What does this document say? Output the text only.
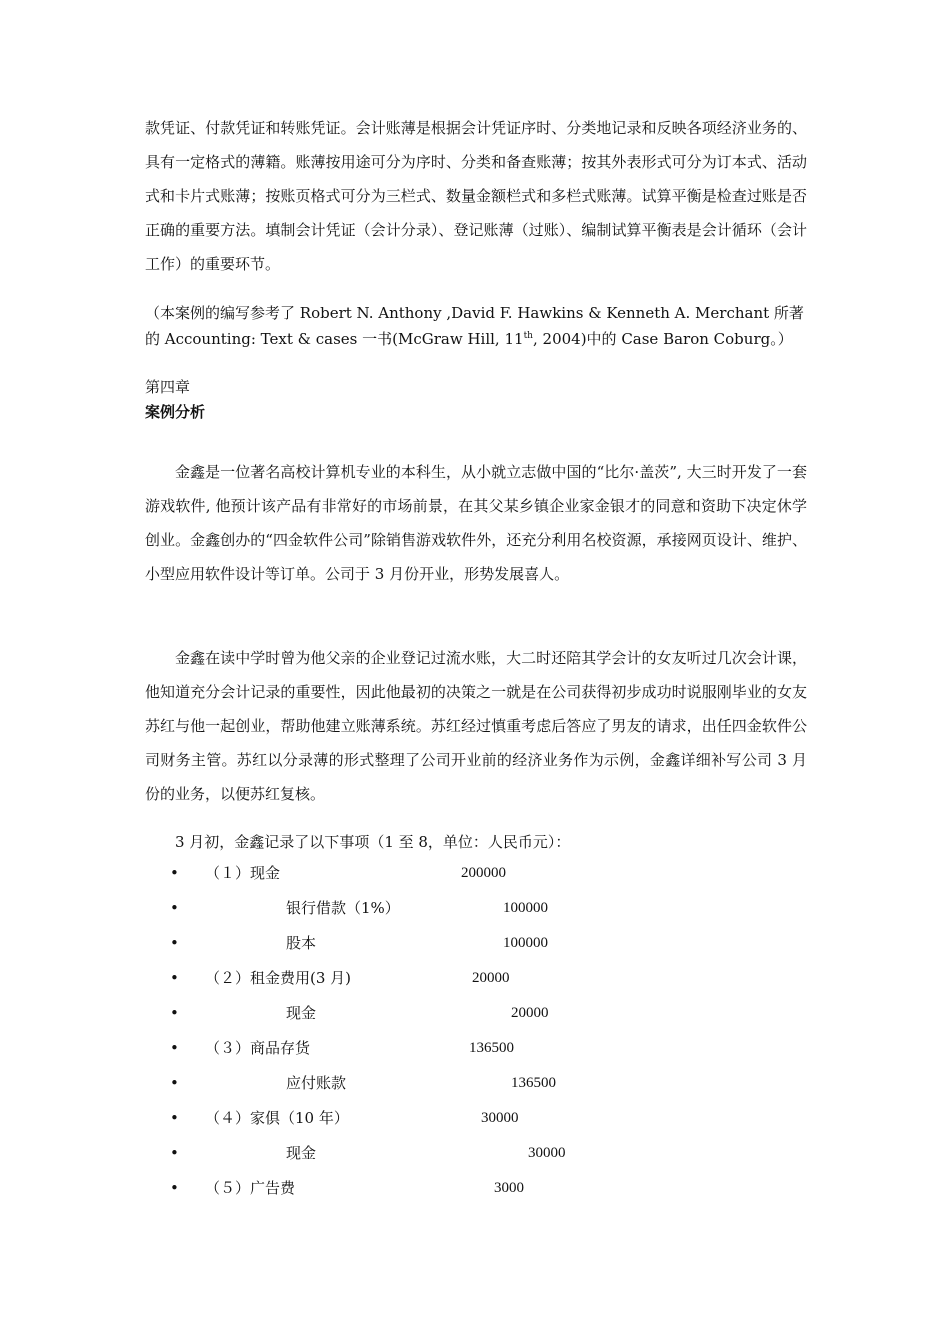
款凭证、付款凭证和转账凭证。会计账薄是根据会计凭证序时、分类地记录和反映各项经济业务的、具有一定格式的薄籍。账薄按用途可分为序时、分类和备查账薄；按其外表形式可分为订本式、活动式和卡片式账薄；按账页格式可分为三栏式、数量金额栏式和多栏式账薄。试算平衡是检查过账是否正确的重要方法。填制会计凭证（会计分录）、登记账薄（过账）、编制试算平衡表是会计循环（会计工作）的重要环节。

（本案例的编写参考了 Robert N. Anthony ,David F. Hawkins & Kenneth A. Merchant 所著的 Accounting: Text & cases 一书(McGraw Hill, 11th, 2004)中的 Case Baron Coburg。）

第四章

案例分析

金鑫是一位著名高校计算机专业的本科生，从小就立志做中国的“比尔·盖茨”, 大三时开发了一套游戏软件, 他预计该产品有非常好的市场前景，在其父某乡镇企业家金银才的同意和资助下决定休学创业。金鑫创办的“四金软件公司”除销售游戏软件外，还充分利用名校资源，承接网页设计、维护、小型应用软件设计等订单。公司于 3 月份开业，形势发展喜人。

金鑫在读中学时曾为他父亲的企业登记过流水账，大二时还陪其学会计的女友听过几次会计课，他知道充分会计记录的重要性，因此他最初的决策之一就是在公司获得初步成功时说服刚毕业的女友苏红与他一起创业，帮助他建立账薄系统。苏红经过慎重考虑后答应了男友的请求，出任四金软件公司财务主管。苏红以分录薄的形式整理了公司开业前的经济业务作为示例，金鑫详细补写公司 3 月份的业务，以便苏红复核。

3 月初，金鑫记录了以下事项（1 至 8，单位：人民币元）：

• （１）现金	200000
•	银行借款（1%）	100000
•	股本	100000
• （２）租金费用(3 月)	20000
•	现金	20000
• （３）商品存货	136500
•	应付账款	136500
• （４）家俱（10 年）	30000
•	现金	30000
• （５）广告费	3000
